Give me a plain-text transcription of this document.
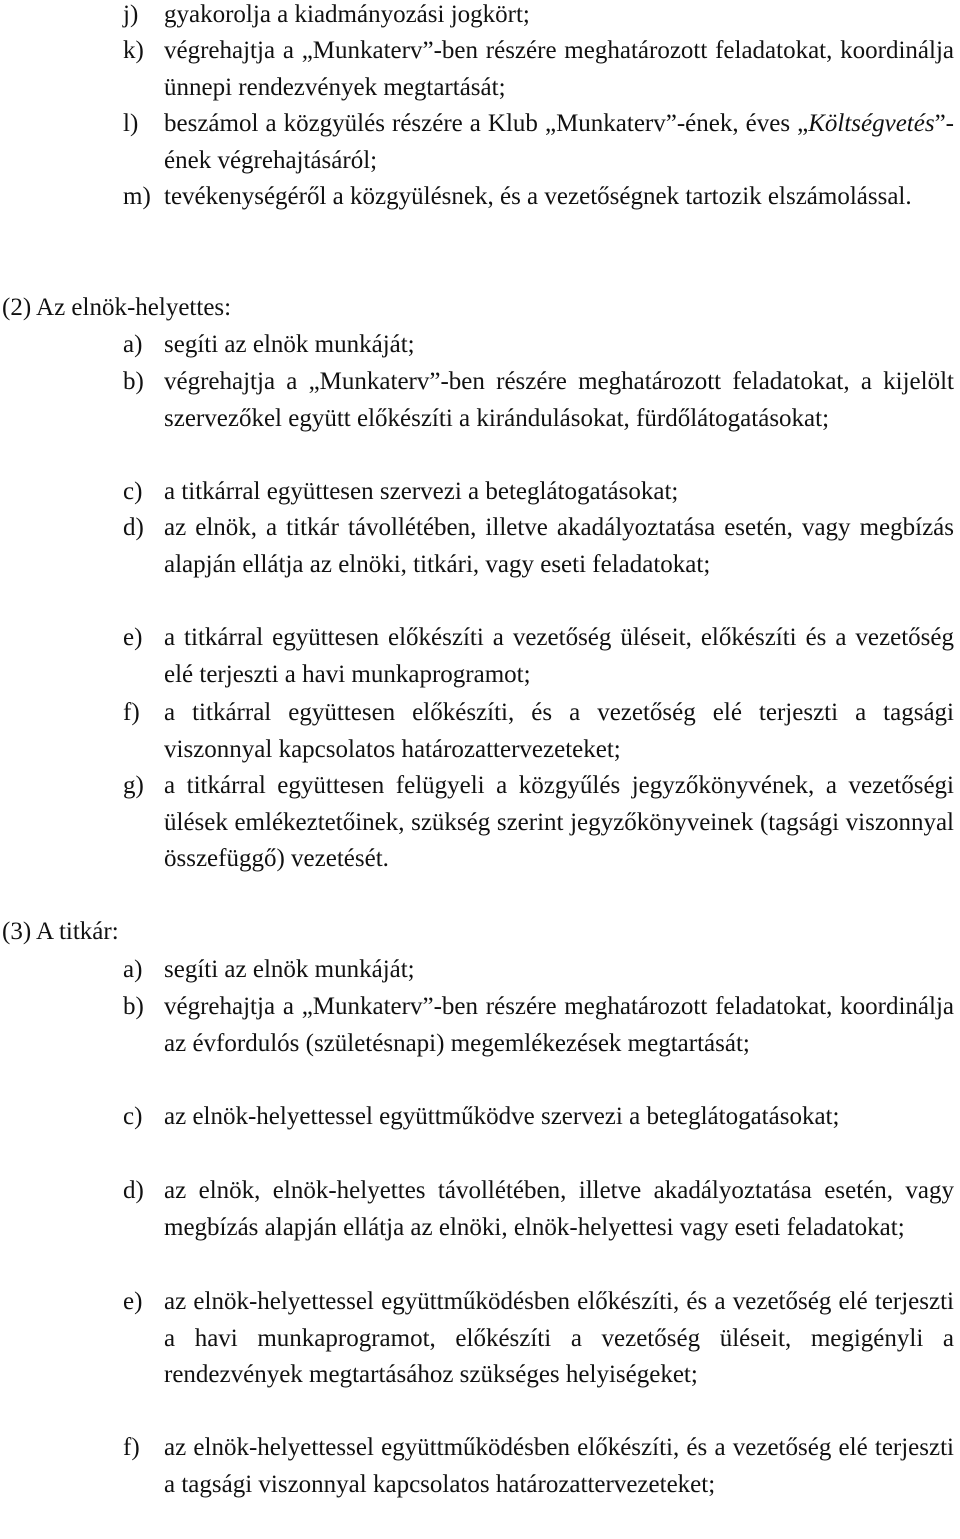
j) gyakorolja a kiadmányozási jogkört;
k) végrehajtja a „Munkaterv”-ben részére meghatározott feladatokat, koordinálja ünnepi rendezvények megtartását;
l) beszámol a közgyülés részére a Klub „Munkaterv”-ének, éves „Költségvetés”-ének végrehajtásáról;
m) tevékenységéről a közgyülésnek, és a vezetőségnek tartozik elszámolással.
(2) Az elnök-helyettes:
a) segíti az elnök munkáját;
b) végrehajtja a „Munkaterv”-ben részére meghatározott feladatokat, a kijelölt szervezőkel együtt előkészíti a kirándulásokat, fürdőlátogatásokat;
c) a titkárral együttesen szervezi a beteglátogatásokat;
d) az elnök, a titkár távollétében, illetve akadályoztatása esetén, vagy megbízás alapján ellátja az elnöki, titkári, vagy eseti feladatokat;
e) a titkárral együttesen előkészíti a vezetőség üléseit, előkészíti és a vezetőség elé terjeszti a havi munkaprogramot;
f) a titkárral együttesen előkészíti, és a vezetőség elé terjeszti a tagsági viszonnyal kapcsolatos határozattervezeteket;
g) a titkárral együttesen felügyeli a közgyűlés jegyzőkönyvének, a vezetőségi ülések emlékeztetőinek, szükség szerint jegyzőkönyveinek (tagsági viszonnyal összefüggő) vezetését.
(3) A titkár:
a) segíti az elnök munkáját;
b) végrehajtja a „Munkaterv”-ben részére meghatározott feladatokat, koordinálja az évfordulós (születésnapi) megemlékezések megtartását;
c) az elnök-helyettessel együttműködve szervezi a beteglátogatásokat;
d) az elnök, elnök-helyettes távollétében, illetve akadályoztatása esetén, vagy megbízás alapján ellátja az elnöki, elnök-helyettesi vagy eseti feladatokat;
e) az elnök-helyettessel együttműködésben előkészíti, és a vezetőség elé terjeszti a havi munkaprogramot, előkészíti a vezetőség üléseit, megigényli a rendezvények megtartásához szükséges helyiségeket;
f) az elnök-helyettessel együttműködésben előkészíti, és a vezetőség elé terjeszti a tagsági viszonnyal kapcsolatos határozattervezeteket;
